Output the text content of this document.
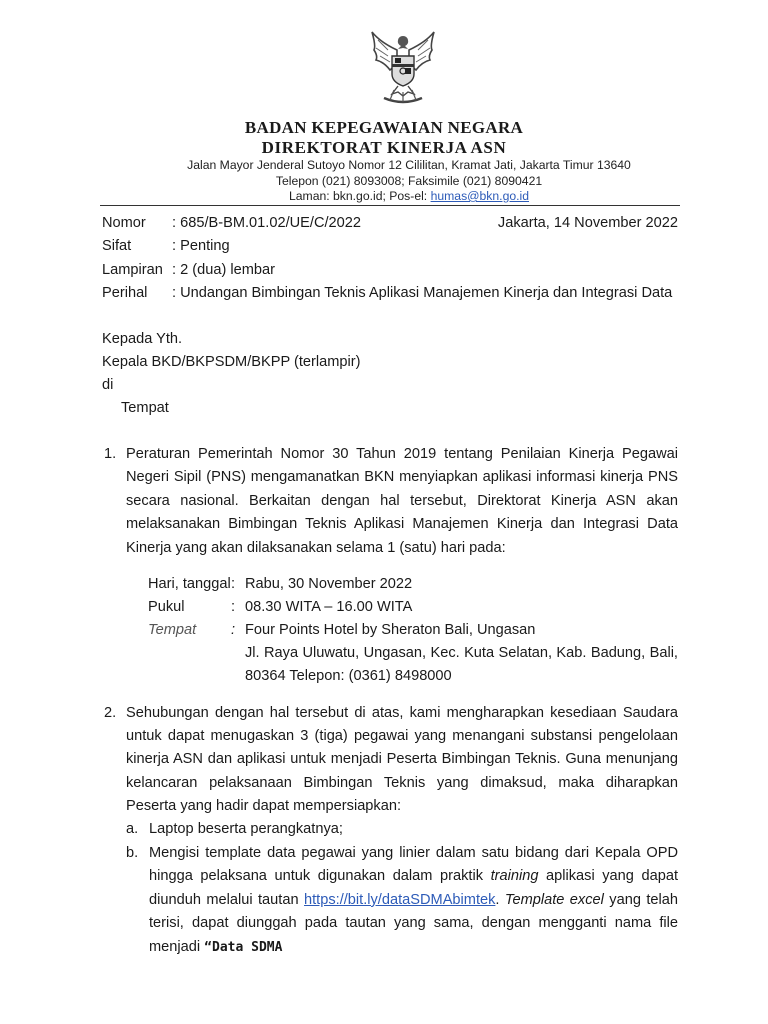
BADAN KEPEGAWAIAN NEGARA
DIREKTORAT KINERJA ASN
Jalan Mayor Jenderal Sutoyo Nomor 12 Cililitan, Kramat Jati, Jakarta Timur 13640
Telepon (021) 8093008; Faksimile (021) 8090421
Laman: bkn.go.id; Pos-el: humas@bkn.go.id
Nomor : 685/B-BM.01.02/UE/C/2022	Jakarta, 14 November 2022
Sifat	: Penting
Lampiran : 2 (dua) lembar
Perihal : Undangan Bimbingan Teknis Aplikasi Manajemen Kinerja dan Integrasi Data
Kepada Yth.
Kepala BKD/BKPSDM/BKPP (terlampir)
di
Tempat
1. Peraturan Pemerintah Nomor 30 Tahun 2019 tentang Penilaian Kinerja Pegawai Negeri Sipil (PNS) mengamanatkan BKN menyiapkan aplikasi informasi kinerja PNS secara nasional. Berkaitan dengan hal tersebut, Direktorat Kinerja ASN akan melaksanakan Bimbingan Teknis Aplikasi Manajemen Kinerja dan Integrasi Data Kinerja yang akan dilaksanakan selama 1 (satu) hari pada:
Hari, tanggal : Rabu, 30 November 2022
Pukul	: 08.30 WITA – 16.00 WITA
Tempat : Four Points Hotel by Sheraton Bali, Ungasan
Jl. Raya Uluwatu, Ungasan, Kec. Kuta Selatan, Kab. Badung, Bali, 80364 Telepon: (0361) 8498000
2. Sehubungan dengan hal tersebut di atas, kami mengharapkan kesediaan Saudara untuk dapat menugaskan 3 (tiga) pegawai yang menangani substansi pengelolaan kinerja ASN dan aplikasi untuk menjadi Peserta Bimbingan Teknis. Guna menunjang kelancaran pelaksanaan Bimbingan Teknis yang dimaksud, maka diharapkan Peserta yang hadir dapat mempersiapkan:
a. Laptop beserta perangkatnya;
b. Mengisi template data pegawai yang linier dalam satu bidang dari Kepala OPD hingga pelaksana untuk digunakan dalam praktik training aplikasi yang dapat diunduh melalui tautan https://bit.ly/dataSDMAbimtek. Template excel yang telah terisi, dapat diunggah pada tautan yang sama, dengan mengganti nama file menjadi “Data SDMA
